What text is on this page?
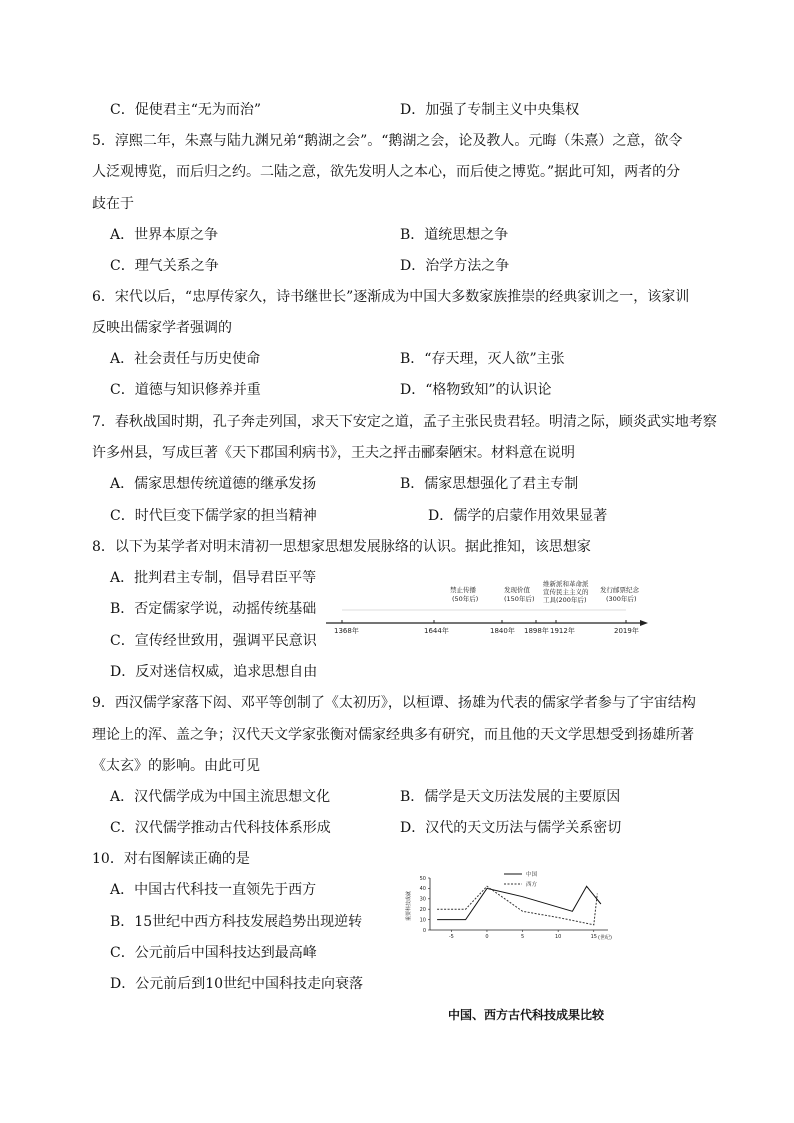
C．促使君主“无为而治”	D．加强了专制主义中央集权
5．淳熙二年，朱熹与陆九渊兄弟“鹅湖之会”。“鹅湖之会，论及教人。元晦（朱熹）之意，欲令
人泛观博览，而后归之约。二陆之意，欲先发明人之本心，而后使之博览。”据此可知，两者的分
歧在于
A．世界本原之争	B．道统思想之争
C．理气关系之争	D．治学方法之争
6．宋代以后，“忠厚传家久，诗书继世长”逐渐成为中国大多数家族推崇的经典家训之一，该家训
反映出儒家学者强调的
A．社会责任与历史使命	B．“存天理，灭人欲”主张
C．道德与知识修养并重	D．“格物致知”的认识论
7．春秋战国时期，孔子奔走列国，求天下安定之道，孟子主张民贵君轻。明清之际，顾炎武实地考察
许多州县，写成巨著《天下郡国利病书》，王夫之抨击郦秦陋宋。材料意在说明
A．儒家思想传统道德的继承发扬	B．儒家思想强化了君主专制
C．时代巨变下儒学家的担当精神	D．儒学的启蒙作用效果显著
8．以下为某学者对明末清初一思想家思想发展脉络的认识。据此推知，该思想家
A．批判君主专制，倡导君臣平等
B．否定儒家学说，动摇传统基础
C．宣传经世致用，强调平民意识
D．反对迷信权威，追求思想自由
1368年	1644年	1840年 1898年 1912年	2019年
禁止传播
(50年后)
发现价值
(150年后)
维新派和革命派
宣传民主主义的
工具(200年后)
发行邮票纪念
(300年后)
9．西汉儒学家落下闳、邓平等创制了《太初历》，以桓谭、扬雄为代表的儒家学者参与了宇宙结构
理论上的浑、盖之争；汉代天文学家张衡对儒家经典多有研究，而且他的天文学思想受到扬雄所著
《太玄》的影响。由此可见
A．汉代儒学成为中国主流思想文化	B．儒学是天文历法发展的主要原因
C．汉代儒学推动古代科技体系形成	D．汉代的天文历法与儒学关系密切
10．对右图解读正确的是
A．中国古代科技一直领先于西方
B．15世纪中西方科技发展趋势出现逆转
C．公元前后中国科技达到最高峰
D．公元前后到10世纪中国科技走向衰落
0
10
20
30
40
50
-5	0	5	10	15
重要科技成就
(世纪)
中国
西方
中国、西方古代科技成果比较
